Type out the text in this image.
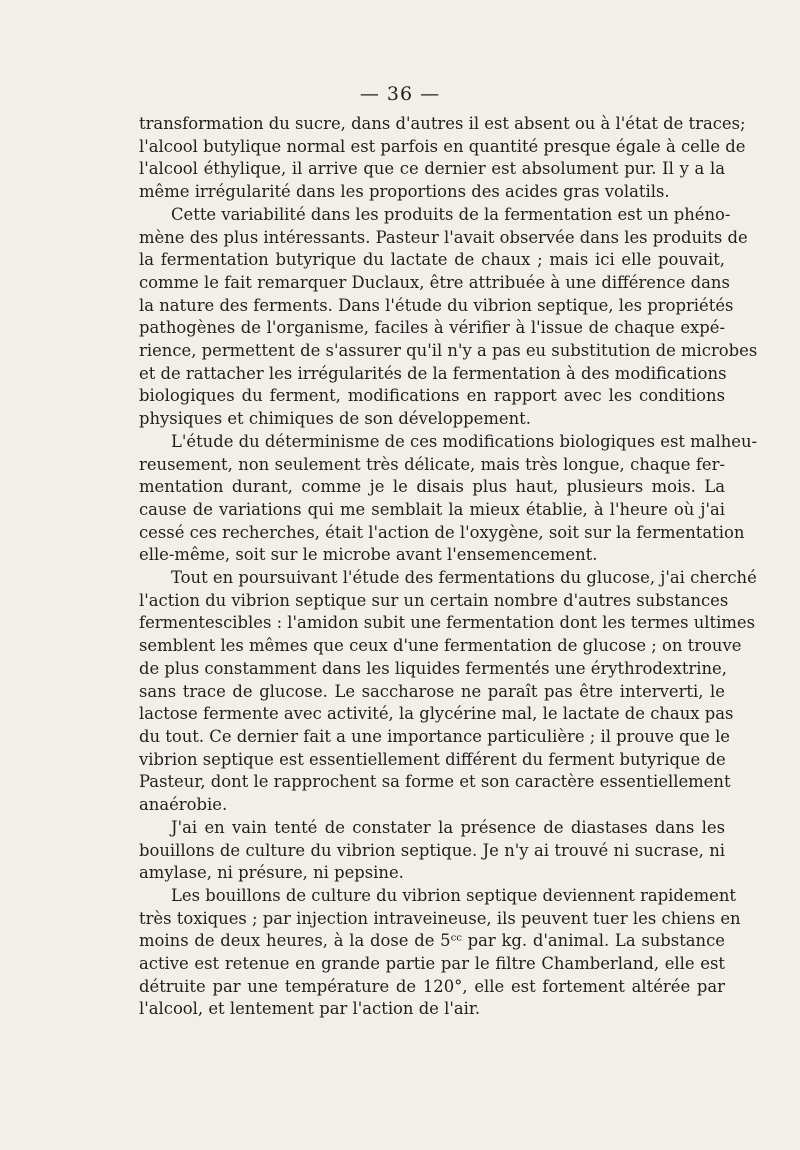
— 36 —
transformation du sucre, dans d'autres il est absent ou à l'état de traces;
l'alcool butylique normal est parfois en quantité presque égale à celle de
l'alcool éthylique, il arrive que ce dernier est absolument pur. Il y a la
même irrégularité dans les proportions des acides gras volatils.
Cette variabilité dans les produits de la fermentation est un phéno-
mène des plus intéressants. Pasteur l'avait observée dans les produits de
la fermentation butyrique du lactate de chaux ; mais ici elle pouvait,
comme le fait remarquer Duclaux, être attribuée à une différence dans
la nature des ferments. Dans l'étude du vibrion septique, les propriétés
pathogènes de l'organisme, faciles à vérifier à l'issue de chaque expé-
rience, permettent de s'assurer qu'il n'y a pas eu substitution de microbes
et de rattacher les irrégularités de la fermentation à des modifications
biologiques du ferment, modifications en rapport avec les conditions
physiques et chimiques de son développement.
L'étude du déterminisme de ces modifications biologiques est malheu-
reusement, non seulement très délicate, mais très longue, chaque fer-
mentation durant, comme je le disais plus haut, plusieurs mois. La
cause de variations qui me semblait la mieux établie, à l'heure où j'ai
cessé ces recherches, était l'action de l'oxygène, soit sur la fermentation
elle-même, soit sur le microbe avant l'ensemencement.
Tout en poursuivant l'étude des fermentations du glucose, j'ai cherché
l'action du vibrion septique sur un certain nombre d'autres substances
fermentescibles : l'amidon subit une fermentation dont les termes ultimes
semblent les mêmes que ceux d'une fermentation de glucose ; on trouve
de plus constamment dans les liquides fermentés une érythrodextrine,
sans trace de glucose. Le saccharose ne paraît pas être interverti, le
lactose fermente avec activité, la glycérine mal, le lactate de chaux pas
du tout. Ce dernier fait a une importance particulière ; il prouve que le
vibrion septique est essentiellement différent du ferment butyrique de
Pasteur, dont le rapprochent sa forme et son caractère essentiellement
anaérobie.
J'ai en vain tenté de constater la présence de diastases dans les
bouillons de culture du vibrion septique. Je n'y ai trouvé ni sucrase, ni
amylase, ni présure, ni pepsine.
Les bouillons de culture du vibrion septique deviennent rapidement
très toxiques ; par injection intraveineuse, ils peuvent tuer les chiens en
moins de deux heures, à la dose de 5ᶜᶜ par kg. d'animal. La substance
active est retenue en grande partie par le filtre Chamberland, elle est
détruite par une température de 120°, elle est fortement altérée par
l'alcool, et lentement par l'action de l'air.
